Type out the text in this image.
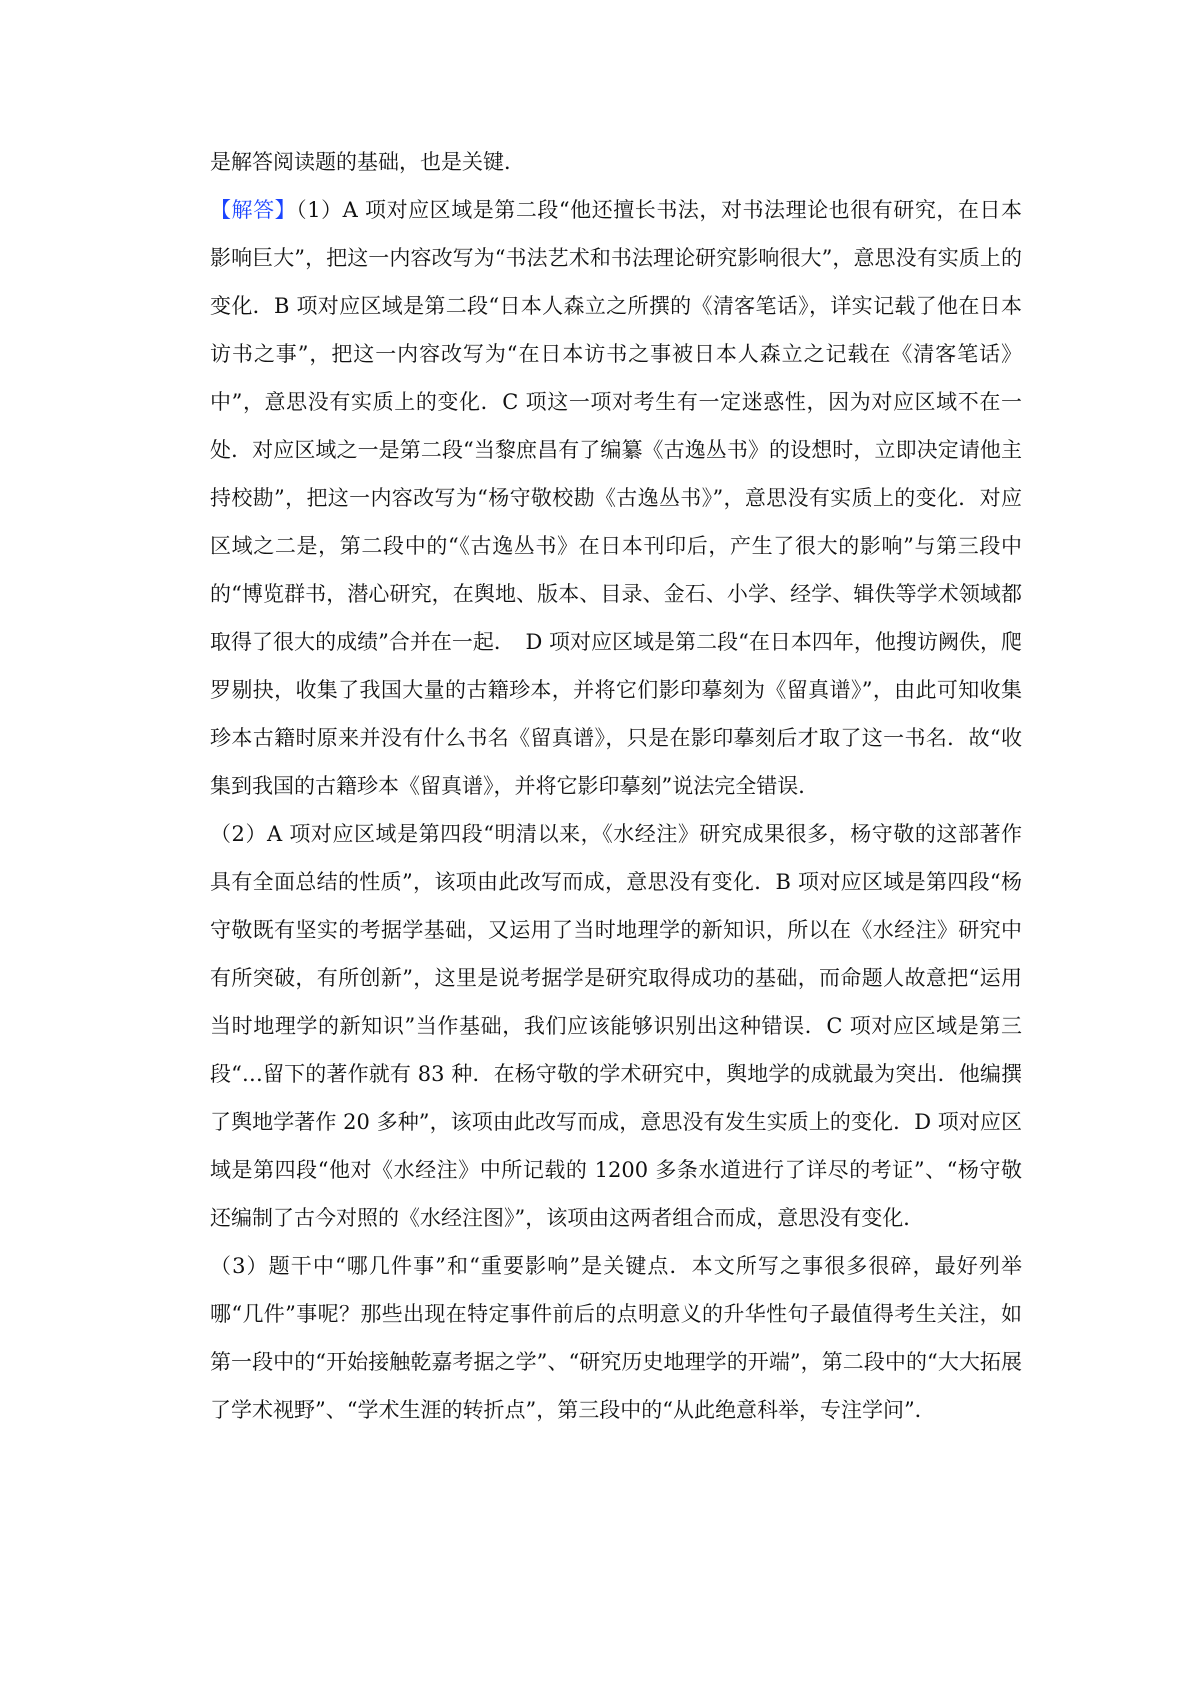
是解答阅读题的基础，也是关键．

【解答】（1）A 项对应区域是第二段“他还擅长书法，对书法理论也很有研究，在日本影响巨大”，把这一内容改写为“书法艺术和书法理论研究影响很大”，意思没有实质上的变化．B 项对应区域是第二段“日本人森立之所撰的《清客笔话》，详实记载了他在日本访书之事”，把这一内容改写为“在日本访书之事被日本人森立之记载在《清客笔话》中”，意思没有实质上的变化．C 项这一项对考生有一定迷惑性，因为对应区域不在一处．对应区域之一是第二段“当黎庶昌有了编纂《古逸丛书》的设想时，立即决定请他主持校勘”，把这一内容改写为“杨守敬校勘《古逸丛书》”，意思没有实质上的变化．对应区域之二是，第二段中的“《古逸丛书》在日本刊印后，产生了很大的影响”与第三段中的“博览群书，潜心研究，在舆地、版本、目录、金石、小学、经学、辑佚等学术领域都取得了很大的成绩”合并在一起．　D 项对应区域是第二段“在日本四年，他搜访阙佚，爬罗剔抉，收集了我国大量的古籍珍本，并将它们影印摹刻为《留真谱》”，由此可知收集珍本古籍时原来并没有什么书名《留真谱》，只是在影印摹刻后才取了这一书名．故“收集到我国的古籍珍本《留真谱》，并将它影印摹刻”说法完全错误．

（2）A 项对应区域是第四段“明清以来，《水经注》研究成果很多，杨守敬的这部著作具有全面总结的性质”，该项由此改写而成，意思没有变化．B 项对应区域是第四段“杨守敬既有坚实的考据学基础，又运用了当时地理学的新知识，所以在《水经注》研究中有所突破，有所创新”，这里是说考据学是研究取得成功的基础，而命题人故意把“运用当时地理学的新知识”当作基础，我们应该能够识别出这种错误．C 项对应区域是第三段“…留下的著作就有 83 种．在杨守敬的学术研究中，舆地学的成就最为突出．他编撰了舆地学著作 20 多种”，该项由此改写而成，意思没有发生实质上的变化．D 项对应区域是第四段“他对《水经注》中所记载的 1200 多条水道进行了详尽的考证”、“杨守敬还编制了古今对照的《水经注图》”，该项由这两者组合而成，意思没有变化．

（3）题干中“哪几件事”和“重要影响”是关键点．本文所写之事很多很碎，最好列举哪“几件”事呢？那些出现在特定事件前后的点明意义的升华性句子最值得考生关注，如第一段中的“开始接触乾嘉考据之学”、“研究历史地理学的开端”，第二段中的“大大拓展了学术视野”、“学术生涯的转折点”，第三段中的“从此绝意科举，专注学问”．
